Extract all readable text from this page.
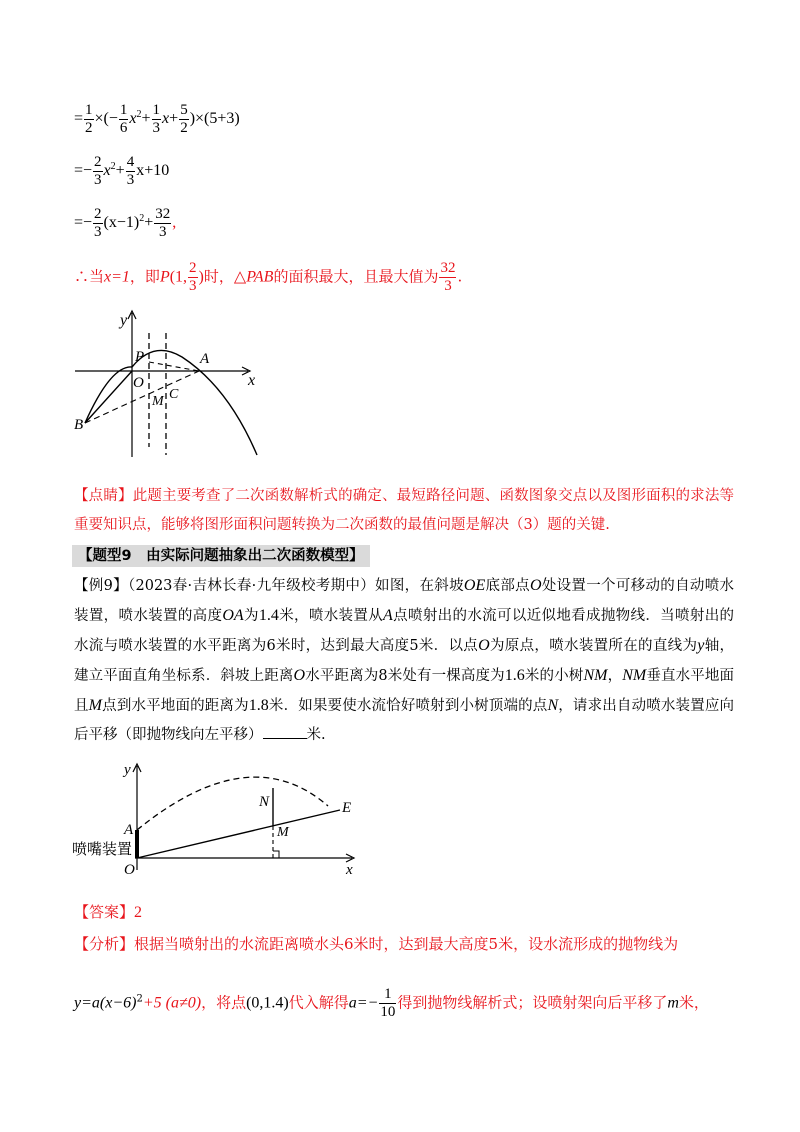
= $\frac{1}{2}$ ×(− $\frac{1}{6} x^2+ \frac{1}{3} x+ \frac{5}{2} )\times(5+3)$
=− $\frac{2}{3} x^2+ \frac{4}{3} x+10$
=− $\frac{2}{3} (x-1)^2+ \frac{32}{3}$ ,
∴当x=1，即P(1, $\frac{2}{3}$ )时，△PAB的面积最大，且最大值为 $\frac{32}{3}$ .
y
x
P	A
O
M C
B
【点睛】此题主要考查了二次函数解析式的确定、最短路径问题、函数图象交点以及图形面积的求法等重要知识点，能够将图形面积问题转换为二次函数的最值问题是解决（3）题的关键.
【题型9　由实际问题抽象出二次函数模型】
【例9】（2023春·吉林长春·九年级校考期中）如图，在斜坡OE底部点O处设置一个可移动的自动喷水装置，喷水装置的高度OA为1.4米，喷水装置从A点喷射出的水流可以近似地看成抛物线．当喷射出的水流与喷水装置的水平距离为6米时，达到最大高度5米．以点O为原点，喷水装置所在的直线为y轴，建立平面直角坐标系．斜坡上距离O水平距离为8米处有一棵高度为1.6米的小树NM，NM垂直水平地面且M点到水平地面的距离为1.8米．如果要使水流恰好喷射到小树顶端的点N，请求出自动喷水装置应向后平移（即抛物线向左平移）	米.
y
A
N	E
M
O	x
喷嘴装置
【答案】2
【分析】根据当喷射出的水流距离喷水头6米时，达到最大高度5米，设水流形成的抛物线为
$y=a(x-6)^2+5$ (a≠0)，将点(0,1.4)代入解得$a=- \frac{1}{10}$ 得到抛物线解析式；设喷射架向后平移了m米，
